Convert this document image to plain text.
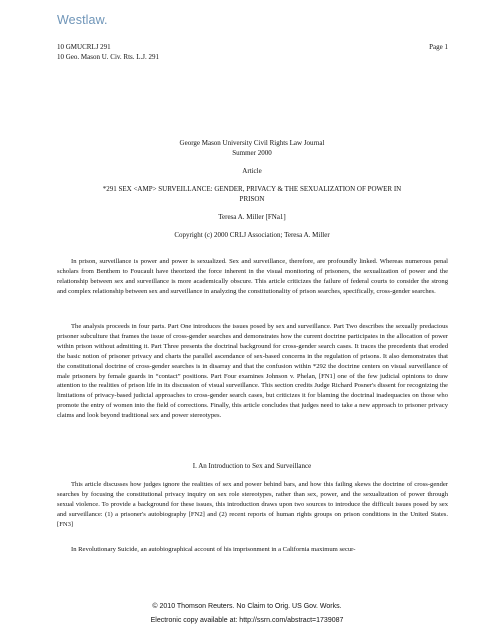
Westlaw.
10 GMUCRLJ 291
10 Geo. Mason U. Civ. Rts. L.J. 291
Page 1
George Mason University Civil Rights Law Journal
Summer 2000
Article
*291 SEX <AMP> SURVEILLANCE: GENDER, PRIVACY & THE SEXUALIZATION OF POWER IN
PRISON
Teresa A. Miller [FNa1]
Copyright (c) 2000 CRLJ Association; Teresa A. Miller

In prison, surveillance is power and power is sexualized. Sex and surveillance, therefore, are profoundly linked. Whereas numerous penal scholars from Benthem to Foucault have theorized the force inherent in the visual monitoring of prisoners, the sexualization of power and the relationship between sex and surveillance is more academically obscure. This article criticizes the failure of federal courts to consider the strong and complex relationship between sex and surveillance in analyzing the constitutionality of prison searches, specifically, cross-gender searches.

The analysis proceeds in four parts. Part One introduces the issues posed by sex and surveillance. Part Two describes the sexually predacious prisoner subculture that frames the issue of cross-gender searches and demonstrates how the current doctrine participates in the allocation of power within prison without admitting it. Part Three presents the doctrinal background for cross-gender search cases. It traces the precedents that eroded the basic notion of prisoner privacy and charts the parallel ascendance of sex-based concerns in the regulation of prisons. It also demonstrates that the constitutional doctrine of cross-gender searches is in disarray and that the confusion within *292 the doctrine centers on visual surveillance of male prisoners by female guards in “contact” positions. Part Four examines Johnson v. Phelan, [FN1] one of the few judicial opinions to draw attention to the realities of prison life in its discussion of visual surveillance. This section credits Judge Richard Posner's dissent for recognizing the limitations of privacy-based judicial approaches to cross-gender search cases, but criticizes it for blaming the doctrinal inadequacies on those who promote the entry of women into the field of corrections. Finally, this article concludes that judges need to take a new approach to prisoner privacy claims and look beyond traditional sex and power stereotypes.

I. An Introduction to Sex and Surveillance

This article discusses how judges ignore the realities of sex and power behind bars, and how this failing skews the doctrine of cross-gender searches by focusing the constitutional privacy inquiry on sex role stereotypes, rather than sex, power, and the sexualization of power through sexual violence. To provide a background for these issues, this introduction draws upon two sources to introduce the difficult issues posed by sex and surveillance: (1) a prisoner's autobiography [FN2] and (2) recent reports of human rights groups on prison conditions in the United States. [FN3]

In Revolutionary Suicide, an autobiographical account of his imprisonment in a California maximum secur-

© 2010 Thomson Reuters. No Claim to Orig. US Gov. Works.
Electronic copy available at: http://ssrn.com/abstract=1739087
